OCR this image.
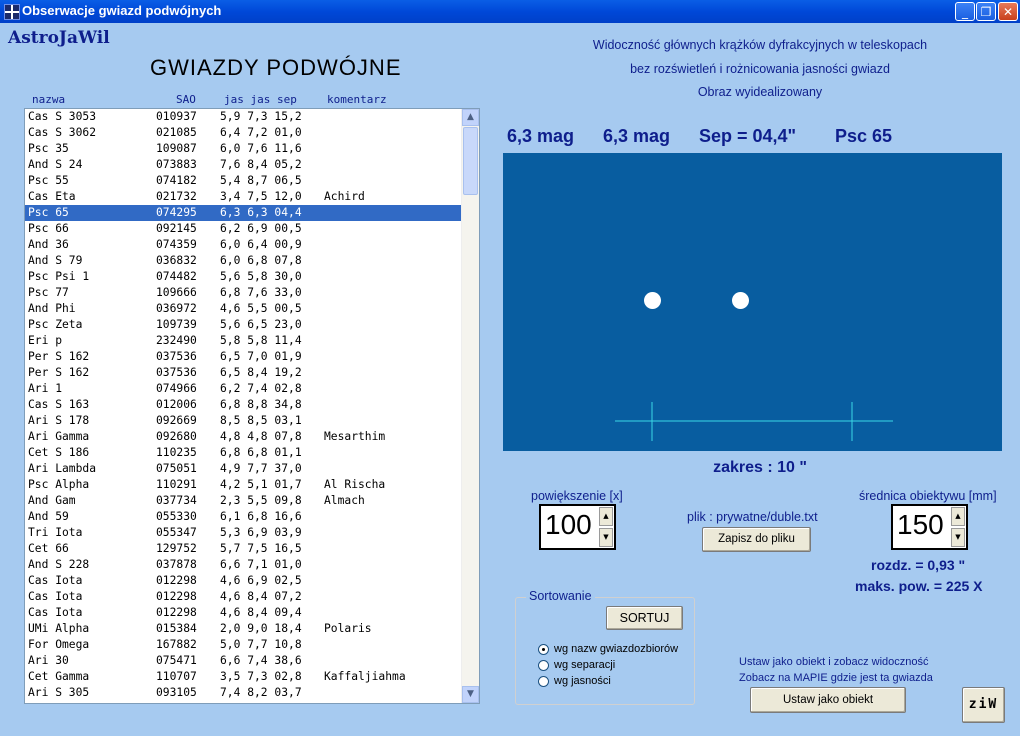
Obserwacje gwiazd podwójnych	_	❐ ✕
AstroJaWil
GWIAZDY PODWÓJNE
nazwa	SAO	jas jas sep	komentarz
Cas S 3053	010937 5,9 7,3 15,2
Cas S 3062	021085 6,4 7,2 01,0
Psc 35	109087 6,0 7,6 11,6
And S 24	073883 7,6 8,4 05,2
Psc 55	074182 5,4 8,7 06,5
Cas Eta	021732 3,4 7,5 12,0 Achird
Psc 65	074295 6,3 6,3 04,4
Psc 66	092145 6,2 6,9 00,5
And 36	074359 6,0 6,4 00,9
And S 79	036832 6,0 6,8 07,8
Psc Psi 1	074482 5,6 5,8 30,0
Psc 77	109666 6,8 7,6 33,0
And Phi	036972 4,6 5,5 00,5
Psc Zeta	109739 5,6 6,5 23,0
Eri p	232490 5,8 5,8 11,4
Per S 162	037536 6,5 7,0 01,9
Per S 162	037536 6,5 8,4 19,2
Ari 1	074966 6,2 7,4 02,8
Cas S 163	012006 6,8 8,8 34,8
Ari S 178	092669 8,5 8,5 03,1
Ari Gamma	092680 4,8 4,8 07,8 Mesarthim
Cet S 186	110235 6,8 6,8 01,1
Ari Lambda	075051 4,9 7,7 37,0
Psc Alpha	110291 4,2 5,1 01,7 Al Rischa
And Gam	037734 2,3 5,5 09,8 Almach
And 59	055330 6,1 6,8 16,6
Tri Iota	055347 5,3 6,9 03,9
Cet 66	129752 5,7 7,5 16,5
And S 228	037878 6,6 7,1 01,0
Cas Iota	012298 4,6 6,9 02,5
Cas Iota	012298 4,6 8,4 07,2
Cas Iota	012298 4,6 8,4 09,4
UMi Alpha	015384 2,0 9,0 18,4 Polaris
For Omega	167882 5,0 7,7 10,8
Ari 30	075471 6,6 7,4 38,6
Cet Gamma	110707 3,5 7,3 02,8 Kaffaljiahma
Ari S 305	093105 7,4 8,2 03,7
▲
▼
Widoczność głównych krążków dyfrakcyjnych w teleskopach
bez rozświetleń i rożnicowania jasności gwiazd
Obraz wyidealizowany
6,3 mag 6,3 mag Sep = 04,4" Psc 65
zakres : 10 "
powiększenie [x]
100	▲
▼
plik : prywatne/duble.txt
Zapisz do pliku
średnica obiektywu [mm]
150	▲
▼
rozdz. = 0,93 "
maks. pow. = 225 X
Sortowanie
SORTUJ
wg nazw gwiazdozbiorów
wg separacji
wg jasności
Ustaw jako obiekt i zobacz widoczność
Zobacz na MAPIE gdzie jest ta gwiazda
Ustaw jako obiekt	ziW
